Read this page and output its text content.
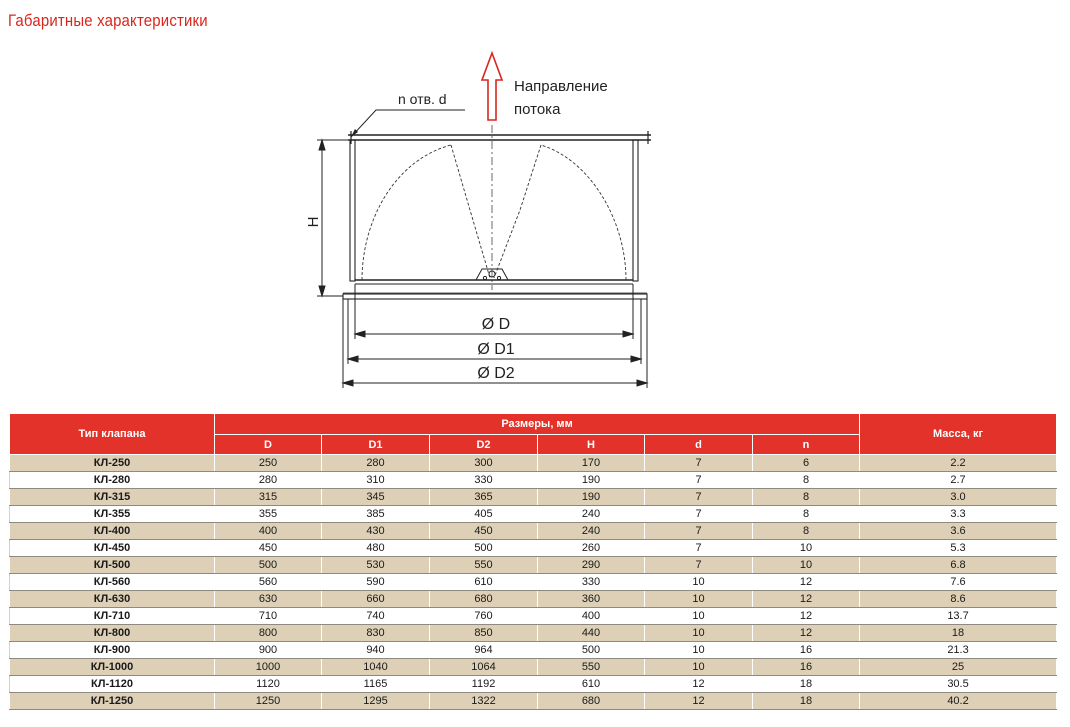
Габаритные характеристики
Направление
потока
n отв. d
H
Ø D
Ø D1
Ø D2
Тип клапана	Размеры, мм						Масса, кг
	D	D1	D2	H	d	n	
КЛ-250	250	280	300	170	7	6	2.2
КЛ-280	280	310	330	190	7	8	2.7
КЛ-315	315	345	365	190	7	8	3.0
КЛ-355	355	385	405	240	7	8	3.3
КЛ-400	400	430	450	240	7	8	3.6
КЛ-450	450	480	500	260	7	10	5.3
КЛ-500	500	530	550	290	7	10	6.8
КЛ-560	560	590	610	330	10	12	7.6
КЛ-630	630	660	680	360	10	12	8.6
КЛ-710	710	740	760	400	10	12	13.7
КЛ-800	800	830	850	440	10	12	18
КЛ-900	900	940	964	500	10	16	21.3
КЛ-1000	1000	1040	1064	550	10	16	25
КЛ-1120	1120	1165	1192	610	12	18	30.5
КЛ-1250	1250	1295	1322	680	12	18	40.2
